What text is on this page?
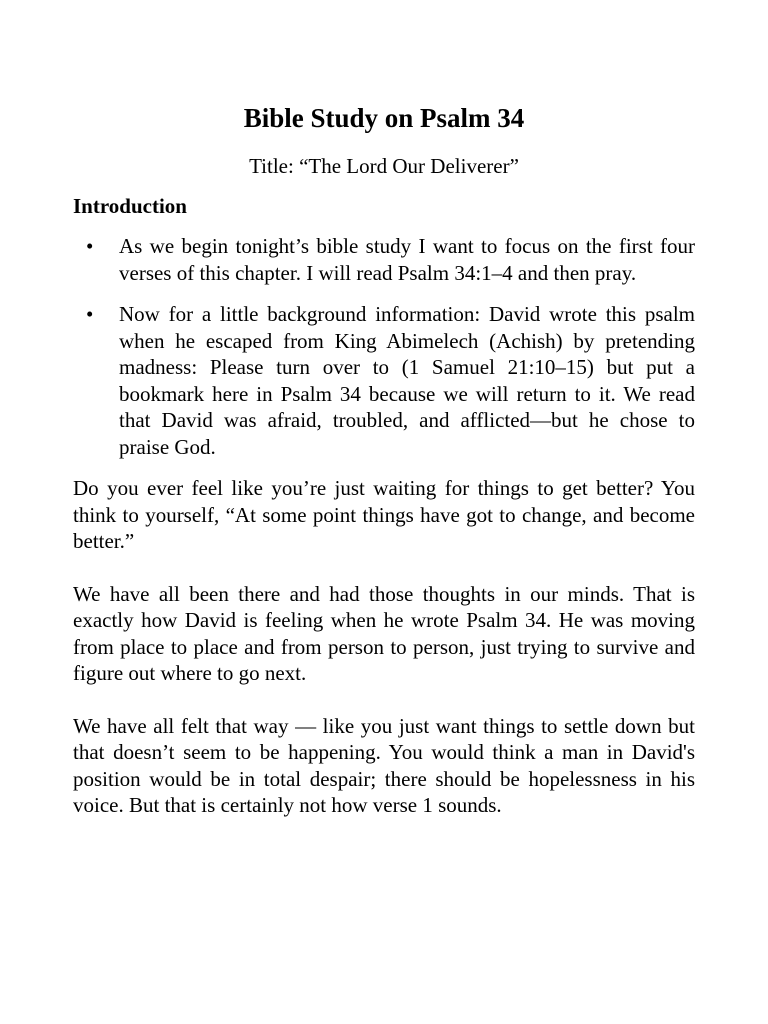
Bible Study on Psalm 34
Title: “The Lord Our Deliverer”
Introduction
• As we begin tonight’s bible study I want to focus on the first four verses of this chapter. I will read Psalm 34:1–4 and then pray.
• Now for a little background information: David wrote this psalm when he escaped from King Abimelech (Achish) by pretending madness: Please turn over to (1 Samuel 21:10–15) but put a bookmark here in Psalm 34 because we will return to it. We read that David was afraid, troubled, and afflicted—but he chose to praise God.

Do you ever feel like you’re just waiting for things to get better? You think to yourself, “At some point things have got to change, and become better.”

We have all been there and had those thoughts in our minds. That is exactly how David is feeling when he wrote Psalm 34. He was moving from place to place and from person to person, just trying to survive and figure out where to go next.

We have all felt that way — like you just want things to settle down but that doesn’t seem to be happening. You would think a man in David's position would be in total despair; there should be hopelessness in his voice. But that is certainly not how verse 1 sounds.
